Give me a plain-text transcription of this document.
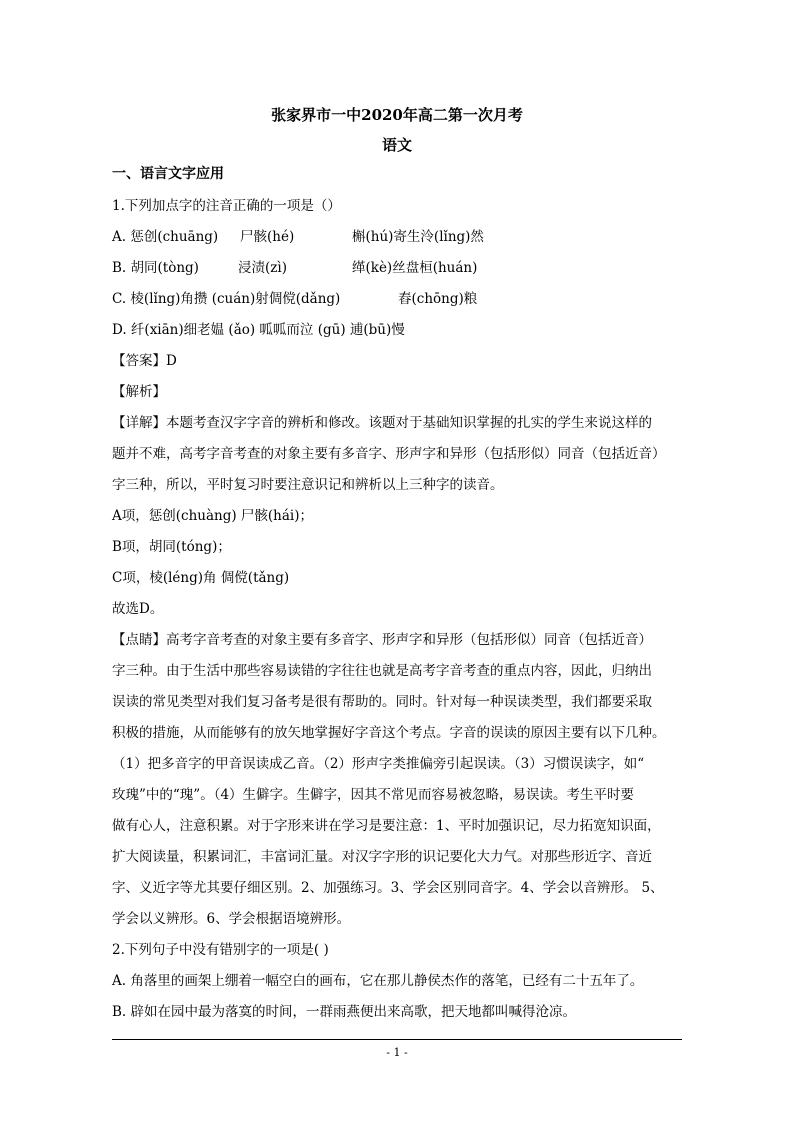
张家界市一中2020年高二第一次月考
语文
一、语言文字应用
1.下列加点字的注音正确的一项是（）
A. 惩创(chuāng) 尸骸(hé)	槲(hú)寄生泠(lǐng)然
B. 胡同(tòng)	浸渍(zì)	缂(kè)丝盘桓(huán)
C. 棱(lǐng)角攒 (cuán)射倜傥(dǎng)	舂(chōng)粮
D. 纤(xiān)细老媪 (ǎo) 呱呱而泣 (gū) 逋(bū)慢
【答案】D
【解析】
【详解】本题考查汉字字音的辨析和修改。该题对于基础知识掌握的扎实的学生来说这样的
题并不难，高考字音考查的对象主要有多音字、形声字和异形（包括形似）同音（包括近音）
字三种，所以，平时复习时要注意识记和辨析以上三种字的读音。
A项，惩创(chuàng) 尸骸(hái)；
B项，胡同(tóng)；
C项，棱(léng)角 倜傥(tǎng)
故选D。
【点睛】高考字音考查的对象主要有多音字、形声字和异形（包括形似）同音（包括近音）
字三种。由于生活中那些容易读错的字往往也就是高考字音考查的重点内容，因此，归纳出
误读的常见类型对我们复习备考是很有帮助的。同时。针对每一种误读类型，我们都要采取
积极的措施，从而能够有的放矢地掌握好字音这个考点。字音的误读的原因主要有以下几种。
（1）把多音字的甲音误读成乙音。（2）形声字类推偏旁引起误读。（3）习惯误读字，如“
玫瑰”中的“瑰”。（4）生僻字。生僻字，因其不常见而容易被忽略，易误读。考生平时要
做有心人，注意积累。对于字形来讲在学习是要注意：1、平时加强识记，尽力拓宽知识面，
扩大阅读量，积累词汇，丰富词汇量。对汉字字形的识记要化大力气。对那些形近字、音近
字、义近字等尤其要仔细区别。2、加强练习。3、学会区别同音字。4、学会以音辨形。 5、
学会以义辨形。6、学会根据语境辨形。
2.下列句子中没有错别字的一项是( )
A. 角落里的画架上绷着一幅空白的画布，它在那儿静侯杰作的落笔，已经有二十五年了。
B. 辟如在园中最为落寞的时间，一群雨燕便出来高歌，把天地都叫喊得沧凉。
- 1 -
